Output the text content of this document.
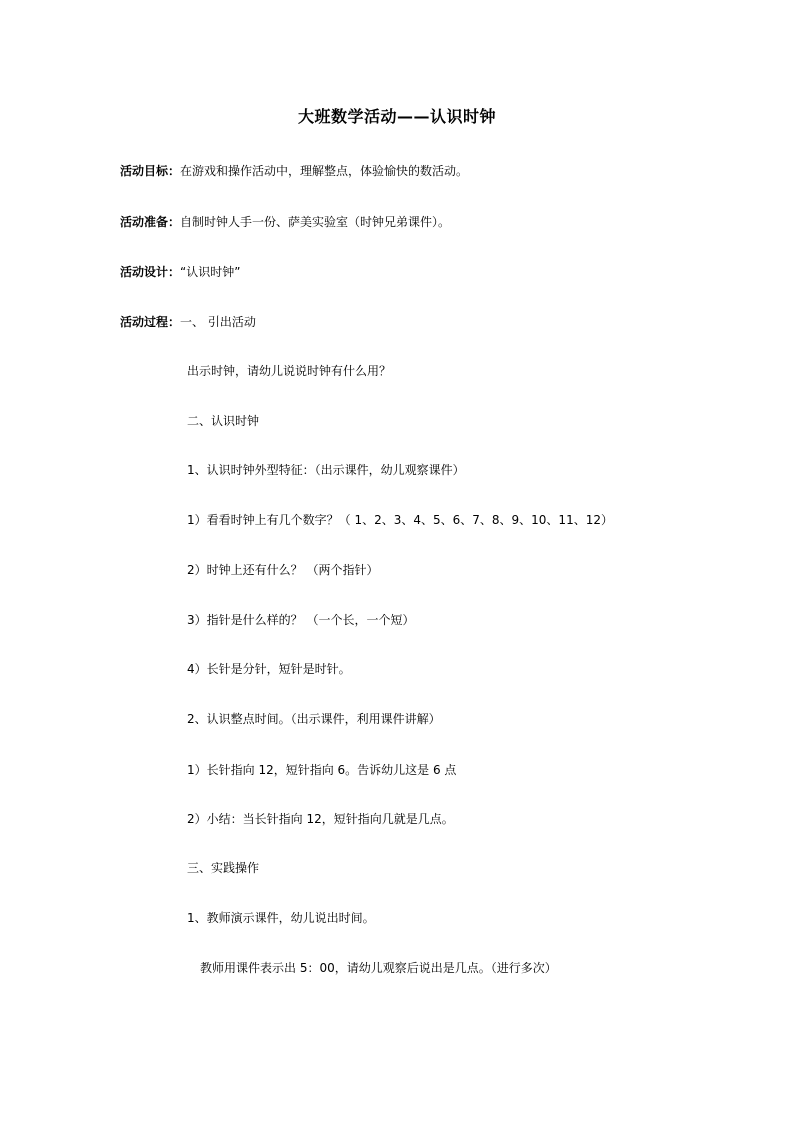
大班数学活动——认识时钟
活动目标：在游戏和操作活动中，理解整点，体验愉快的数活动。
活动准备：自制时钟人手一份、萨美实验室（时钟兄弟课件）。
活动设计：“认识时钟”
活动过程：一、 引出活动
出示时钟，请幼儿说说时钟有什么用？
二、认识时钟
1、认识时钟外型特征：（出示课件，幼儿观察课件）
1）看看时钟上有几个数字？（ 1、2、3、4、5、6、7、8、9、10、11、12）
2）时钟上还有什么？ （两个指针）
3）指针是什么样的？ （一个长，一个短）
4）长针是分针，短针是时针。
2、认识整点时间。（出示课件，利用课件讲解）
1）长针指向 12，短针指向 6。告诉幼儿这是 6 点
2）小结：当长针指向 12，短针指向几就是几点。
三、实践操作
1、教师演示课件，幼儿说出时间。
教师用课件表示出 5：00，请幼儿观察后说出是几点。（进行多次）
